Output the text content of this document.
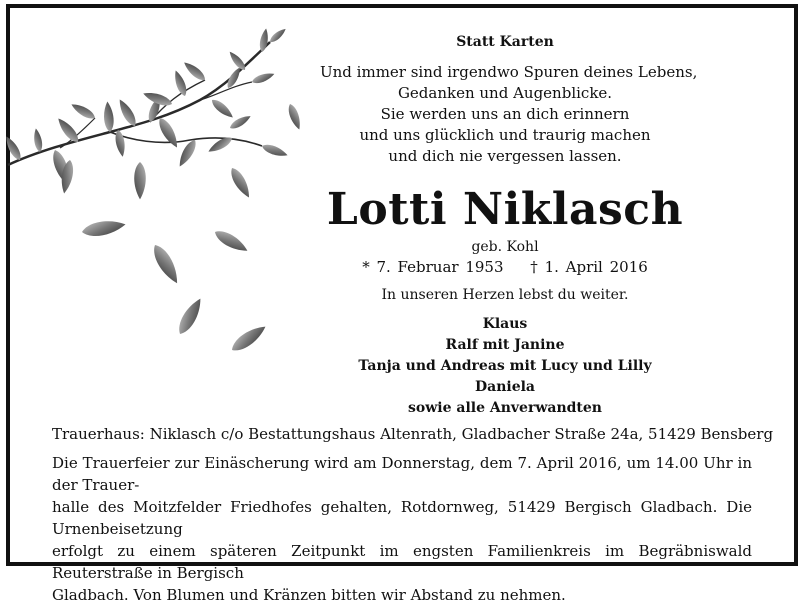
Statt Karten
Und immer sind irgendwo Spuren deines Lebens,
Gedanken und Augenblicke.
Sie werden uns an dich erinnern
und uns glücklich und traurig machen
und dich nie vergessen lassen.
Lotti Niklasch
geb. Kohl
* 7. Februar 1953 † 1. April 2016
In unseren Herzen lebst du weiter.
Klaus
Ralf mit Janine
Tanja und Andreas mit Lucy und Lilly
Daniela
sowie alle Anverwandten
Trauerhaus: Niklasch c/o Bestattungshaus Altenrath, Gladbacher Straße 24a, 51429 Bensberg
Die Trauerfeier zur Einäscherung wird am Donnerstag, dem 7. April 2016, um 14.00 Uhr in der Trauer-
halle des Moitzfelder Friedhofes gehalten, Rotdornweg, 51429 Bergisch Gladbach. Die Urnenbeisetzung
erfolgt zu einem späteren Zeitpunkt im engsten Familienkreis im Begräbniswald Reuterstraße in Bergisch
Gladbach. Von Blumen und Kränzen bitten wir Abstand zu nehmen.
